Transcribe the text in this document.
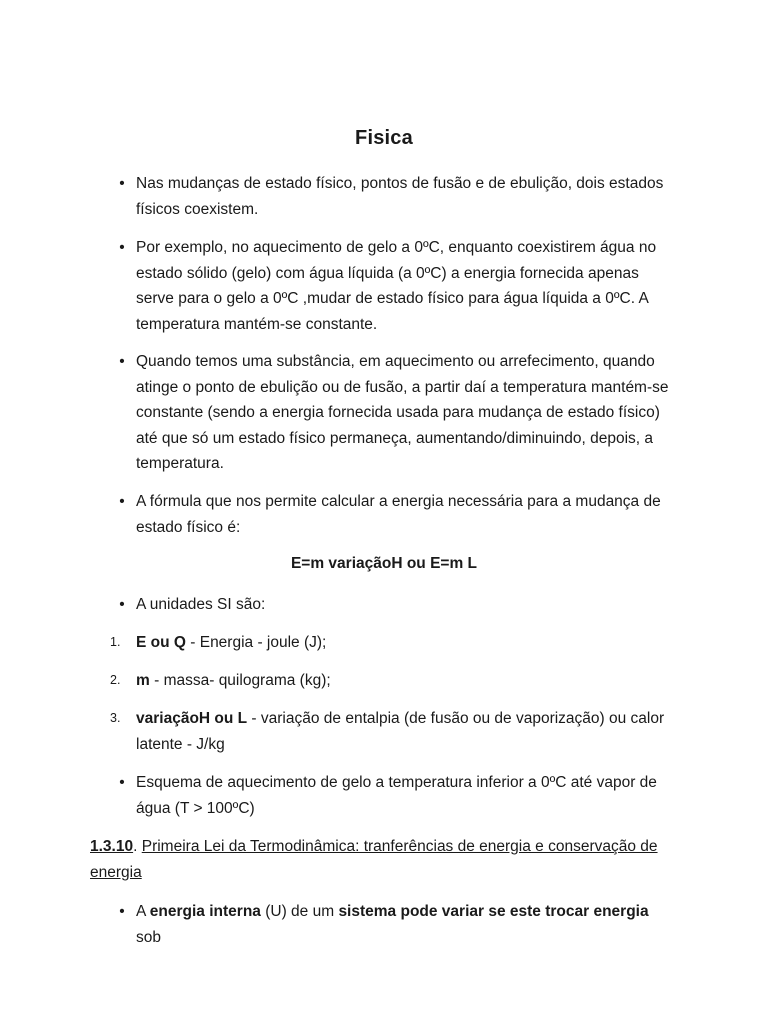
Fisica
• Nas mudanças de estado físico, pontos de fusão e de ebulição, dois estados físicos coexistem.
• Por exemplo, no aquecimento de gelo a 0ºC, enquanto coexistirem água no estado sólido (gelo) com água líquida (a 0ºC) a energia fornecida apenas serve para o gelo a 0ºC ,mudar de estado físico para água líquida a 0ºC. A temperatura mantém-se constante.
• Quando temos uma substância, em aquecimento ou arrefecimento, quando atinge o ponto de ebulição ou de fusão, a partir daí a temperatura mantém-se constante (sendo a energia fornecida usada para mudança de estado físico) até que só um estado físico permaneça, aumentando/diminuindo, depois, a temperatura.
• A fórmula que nos permite calcular a energia necessária para a mudança de estado físico é:
E=m variaçãoH ou E=m L
• A unidades SI são:
1.	E ou Q - Energia - joule (J);
2.	m - massa- quilograma (kg);
3.	variaçãoH ou L - variação de entalpia (de fusão ou de vaporização) ou calor latente - J/kg
• Esquema de aquecimento de gelo a temperatura inferior a 0ºC até vapor de água (T > 100ºC)
1.3.10. Primeira Lei da Termodinâmica: tranferências de energia e conservação de energia
• A energia interna (U) de um sistema pode variar se este trocar energia sob
